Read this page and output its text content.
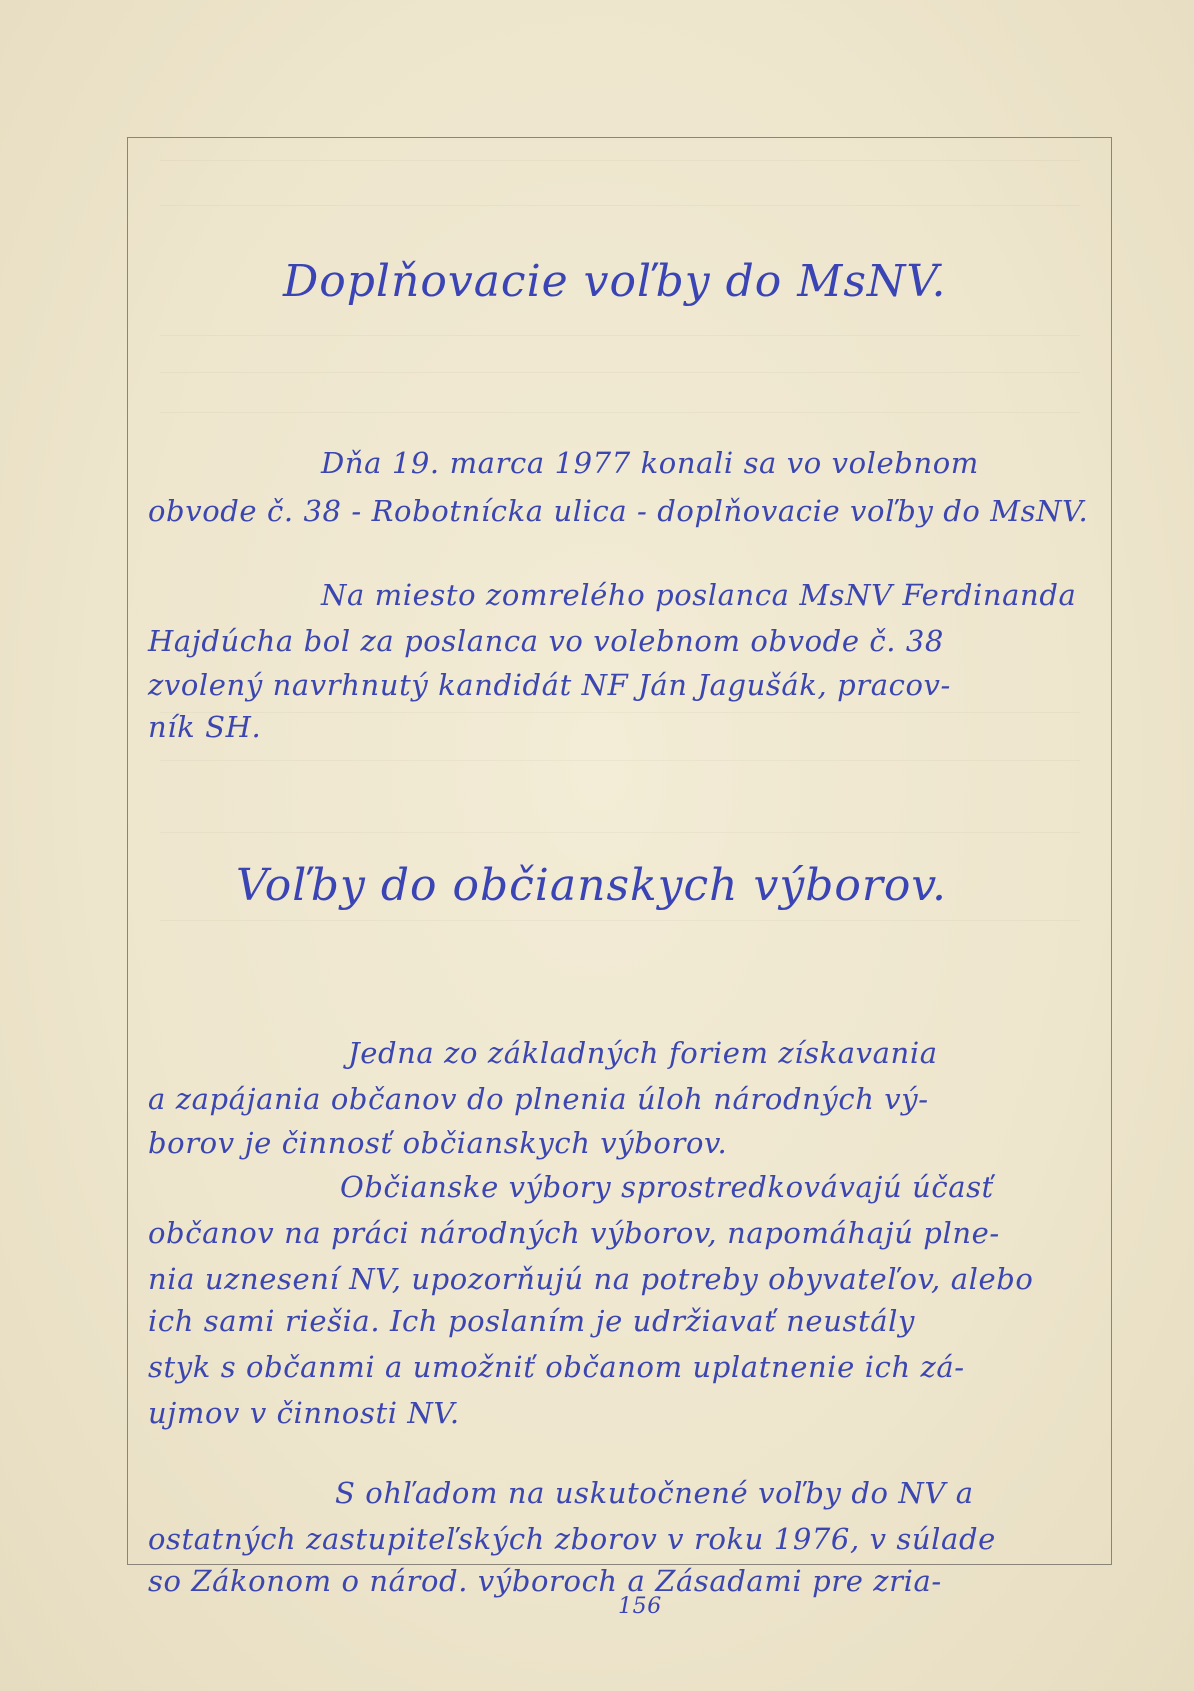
Doplňovacie voľby do MsNV.
Dňa 19. marca 1977 konali sa vo volebnom
obvode č. 38 - Robotnícka ulica - doplňovacie voľby do MsNV.
Na miesto zomrelého poslanca MsNV Ferdinanda
Hajdúcha bol za poslanca vo volebnom obvode č. 38
zvolený navrhnutý kandidát NF Ján Jagušák, pracov-
ník SH.
Voľby do občianskych výborov.
Jedna zo základných foriem získavania
a zapájania občanov do plnenia úloh národných vý-
borov je činnosť občianskych výborov.
Občianske výbory sprostredkovávajú účasť
občanov na práci národných výborov, napomáhajú plne-
nia uznesení NV, upozorňujú na potreby obyvateľov, alebo
ich sami riešia. Ich poslaním je udržiavať neustály
styk s občanmi a umožniť občanom uplatnenie ich zá-
ujmov v činnosti NV.
S ohľadom na uskutočnené voľby do NV a
ostatných zastupiteľských zborov v roku 1976, v súlade
so Zákonom o národ. výboroch a Zásadami pre zria-
156
